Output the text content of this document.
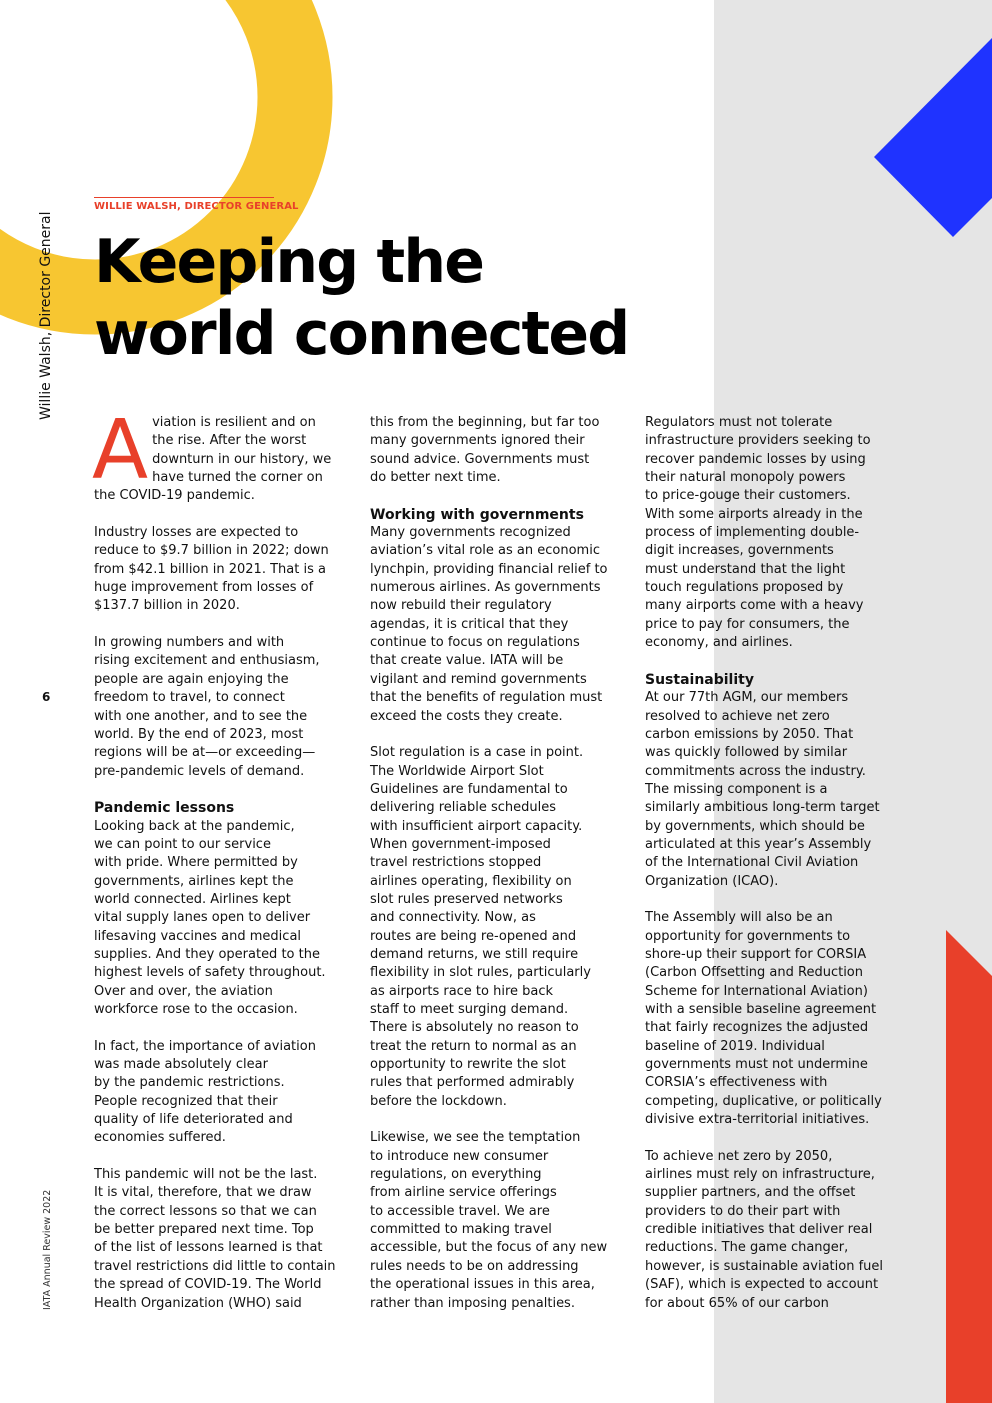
WILLIE WALSH, DIRECTOR GENERAL
Keeping the
world connected
Willie Walsh, Director General
6
IATA Annual Review 2022

Aviation is resilient and on
the rise. After the worst
downturn in our history, we
have turned the corner on
the COVID-19 pandemic.

Industry losses are expected to
reduce to $9.7 billion in 2022; down
from $42.1 billion in 2021. That is a
huge improvement from losses of
$137.7 billion in 2020.

In growing numbers and with
rising excitement and enthusiasm,
people are again enjoying the
freedom to travel, to connect
with one another, and to see the
world. By the end of 2023, most
regions will be at—or exceeding—
pre-pandemic levels of demand.

Pandemic lessons

Looking back at the pandemic,
we can point to our service
with pride. Where permitted by
governments, airlines kept the
world connected. Airlines kept
vital supply lanes open to deliver
lifesaving vaccines and medical
supplies. And they operated to the
highest levels of safety throughout.
Over and over, the aviation
workforce rose to the occasion.

In fact, the importance of aviation
was made absolutely clear
by the pandemic restrictions.
People recognized that their
quality of life deteriorated and
economies suffered.

This pandemic will not be the last.
It is vital, therefore, that we draw
the correct lessons so that we can
be better prepared next time. Top
of the list of lessons learned is that
travel restrictions did little to contain
the spread of COVID-19. The World
Health Organization (WHO) said

this from the beginning, but far too
many governments ignored their
sound advice. Governments must
do better next time.

Working with governments

Many governments recognized
aviation’s vital role as an economic
lynchpin, providing financial relief to
numerous airlines. As governments
now rebuild their regulatory
agendas, it is critical that they
continue to focus on regulations
that create value. IATA will be
vigilant and remind governments
that the benefits of regulation must
exceed the costs they create.

Slot regulation is a case in point.
The Worldwide Airport Slot
Guidelines are fundamental to
delivering reliable schedules
with insufficient airport capacity.
When government-imposed
travel restrictions stopped
airlines operating, flexibility on
slot rules preserved networks
and connectivity. Now, as
routes are being re-opened and
demand returns, we still require
flexibility in slot rules, particularly
as airports race to hire back
staff to meet surging demand.
There is absolutely no reason to
treat the return to normal as an
opportunity to rewrite the slot
rules that performed admirably
before the lockdown.

Likewise, we see the temptation
to introduce new consumer
regulations, on everything
from airline service offerings
to accessible travel. We are
committed to making travel
accessible, but the focus of any new
rules needs to be on addressing
the operational issues in this area,
rather than imposing penalties.

Regulators must not tolerate
infrastructure providers seeking to
recover pandemic losses by using
their natural monopoly powers
to price-gouge their customers.
With some airports already in the
process of implementing double-
digit increases, governments
must understand that the light
touch regulations proposed by
many airports come with a heavy
price to pay for consumers, the
economy, and airlines.

Sustainability

At our 77th AGM, our members
resolved to achieve net zero
carbon emissions by 2050. That
was quickly followed by similar
commitments across the industry.
The missing component is a
similarly ambitious long-term target
by governments, which should be
articulated at this year’s Assembly
of the International Civil Aviation
Organization (ICAO).

The Assembly will also be an
opportunity for governments to
shore-up their support for CORSIA
(Carbon Offsetting and Reduction
Scheme for International Aviation)
with a sensible baseline agreement
that fairly recognizes the adjusted
baseline of 2019. Individual
governments must not undermine
CORSIA’s effectiveness with
competing, duplicative, or politically
divisive extra-territorial initiatives.

To achieve net zero by 2050,
airlines must rely on infrastructure,
supplier partners, and the offset
providers to do their part with
credible initiatives that deliver real
reductions. The game changer,
however, is sustainable aviation fuel
(SAF), which is expected to account
for about 65% of our carbon
